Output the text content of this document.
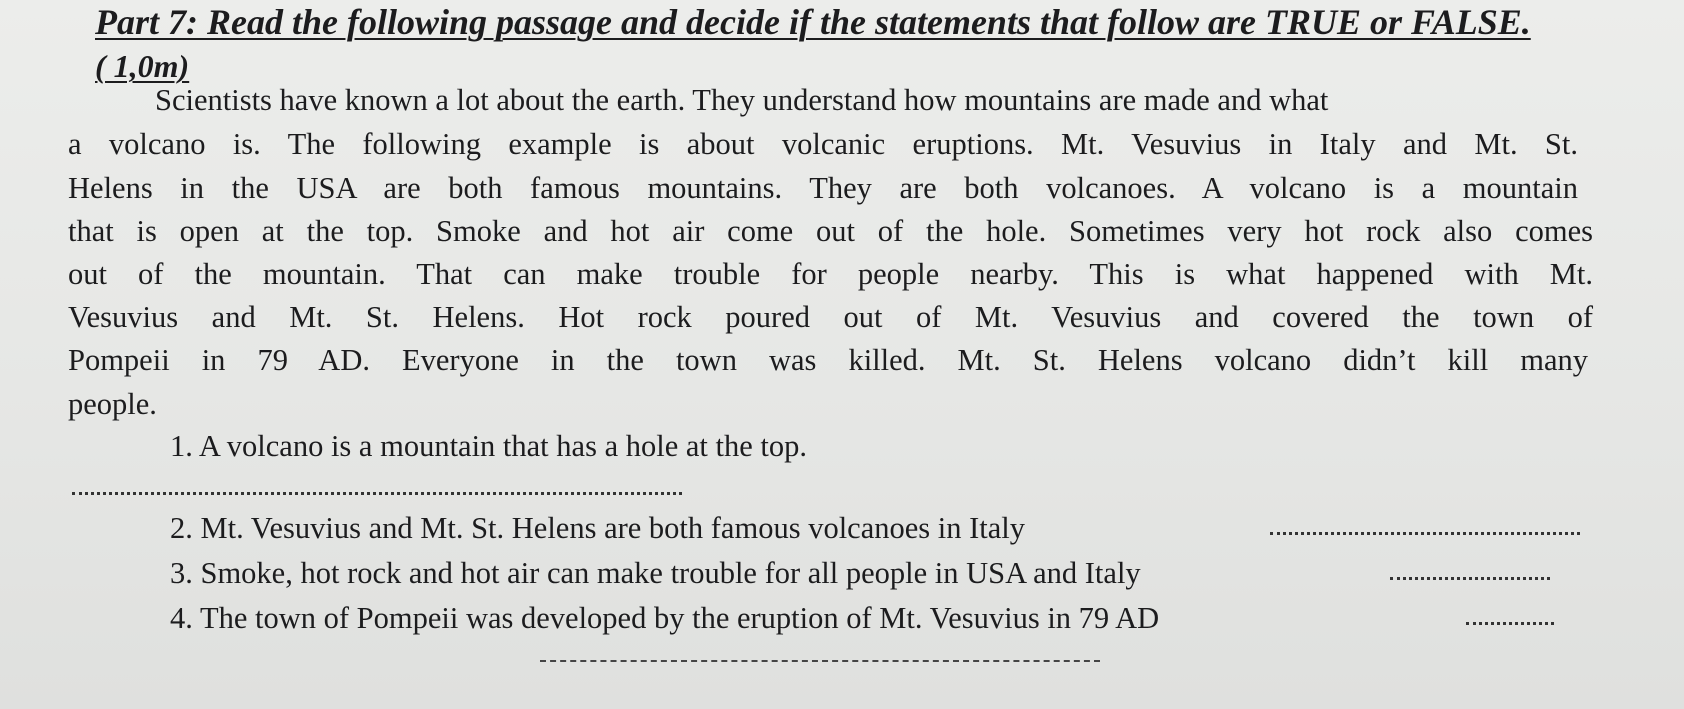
Part 7: Read the following passage and decide if the statements that follow are TRUE or FALSE.
( 1,0m)
Scientists have known a lot about the earth. They understand how mountains are made and what
a volcano is. The following example is about volcanic eruptions. Mt. Vesuvius in Italy and Mt. St.
Helens in the USA are both famous mountains. They are both volcanoes. A volcano is a mountain
that is open at the top. Smoke and hot air come out of the hole. Sometimes very hot rock also comes
out of the mountain. That can make trouble for people nearby. This is what happened with Mt.
Vesuvius and Mt. St. Helens. Hot rock poured out of Mt. Vesuvius and covered the town of
Pompeii in 79 AD. Everyone in the town was killed. Mt. St. Helens volcano didn’t kill many
people.
1. A volcano is a mountain that has a hole at the top.
2. Mt. Vesuvius and Mt. St. Helens are both famous volcanoes in Italy
3. Smoke, hot rock and hot air can make trouble for all people in USA and Italy
4. The town of Pompeii was developed by the eruption of Mt. Vesuvius in 79 AD
